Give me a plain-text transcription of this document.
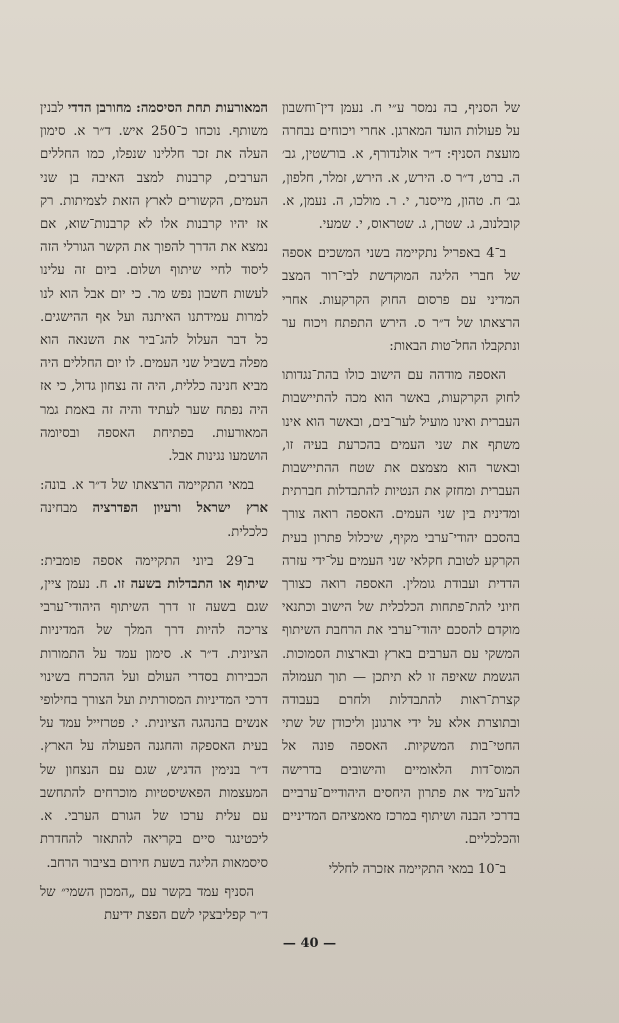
של הסניף, בה נמסר ע״י ח. נעמן דין־וחשבון על פעולות הועד המארגן. אחרי ויכוחים נבחרה מועצת הסניף: ד״ר אולנדורף, א. בורשטין, גב׳ ה. ברט, ד״ר ס. הירש, א. הירש, זמלר, חלפון, גב׳ ח. טהון, מייסנר, י. ר. מולכו, ה. נעמן, א. קובלנוב, ג. שטרן, ג. שטראוס, י. שמעי.

ב־4 באפריל נתקיימה בשני המשכים אספה של חברי הליגה המוקדשת לבי־רור המצב המדיני עם פרסום החוק הקרקעות. אחרי הרצאתו של ד״ר ס. הירש התפתח ויכוח ער ונתקבלו החל־טות הבאות:

האספה מודהה עם הישוב כולו בהת־נגדותו לחוק הקרקעות, באשר הוא מכה להתיישבות העברית ואינו מועיל לער־בים, ובאשר הוא אינו משתף את שני העמים בהכרעת בעיה זו, ובאשר הוא מצמצם את שטח ההתיישבות העברית ומחזק את הנטיות להתבדלות חברתית ומדינית בין שני העמים. האספה רואה צורך בהסכם יהודי־ערבי מקיף, שיכלול פתרון בעית הקרקע לטובת חקלאי שני העמים על־ידי עזרה הדדית ועבודת גומלין. האספה רואה כצורך חיוני להת־פתחות הכלכלית של הישוב וכתנאי מוקדם להסכם יהודי־ערבי את הרחבת השיתוף המשקי עם הערבים בארץ ובארצות הסמוכות. הגשמת שאיפה זו לא תיתכן — תוך תעמולה קצרת־ראות להתבדלות ולחרם בעבודה ובתוצרת אלא על ידי ארגונן וליכודן של שתי החטי־בות המשקיות. האספה פונה אל המוס־דות הלאומיים והישובים בדרישה להע־מיד את פתרון היחסים היהודיים־ערביים בדרכי הבנה ושיתוף במרכז מאמציהם המדיניים והכלכליים.

ב־10 במאי התקיימה אזכרה לחללי

המאורעות תחת הסיסמה: מחורבן הדדי לבנין משותף. נוכחו כ־250 איש. ד״ר א. סימון העלה את זכר חללינו שנפלו, כמו החללים הערבים, קרבנות למצב האיבה בן שני העמים, הקשורים לארץ הזאת לצמיתות. רק אז יהיו קרבנות אלו לא קרבנות־שוא, אם נמצא את הדרך להפוך את הקשר הגורלי הזה ליסוד לחיי שיתוף ושלום. ביום זה עלינו לעשות חשבון נפש מר. כי יום אבל הוא לנו למרות עמידתנו האיתנה ועל אף ההישגים. כל דבר העלול להג־ביר את השנאה הוא מפלה בשביל שני העמים. לו יום החללים היה מביא חנינה כללית, היה זה נצחון גדול, כי אז היה נפתח שער לעתיד והיה זה באמת גמר המאורעות. בפתיחת האספה ובסיומה הושמעו נגינות אבל.

במאי התקיימה הרצאתו של ד״ר א. בונה: ארץ ישראל ורעיון הפדרציה מבחינה כלכלית.

ב־29 ביוני התקיימה אספה פומבית: שיתוף או התבדלות בשעה זו. ח. נעמן ציין, שגם בשעה זו דרך השיתוף היהודי־ערבי צריכה להיות דרך המלך של המדיניות הציונית. ד״ר א. סימון עמד על התמורות הכבירות בסדרי העולם ועל ההכרח בשינוי דרכי המדיניות המסורתית ועל הצורך בחילופי אנשים בהנהגה הציונית. י. פטרזייל עמד על בעית האספקה והחגנה הפעולה על הארץ. ד״ר בנימין הדגיש, שגם עם הנצחון של המעצמות הפאשיסטיות מוכרחים להתחשב עם עלית ערכו של הגורם הערבי. א. ליכטינגר סיים בקריאה להתאזר להחדרת סיסמאות הליגה בשעת חירום בציבור הרחב.

הסניף עמד בקשר עם „המכון השמי״ של ד״ר קפליבצקי לשם הפצת ידיעת

— 40 —
